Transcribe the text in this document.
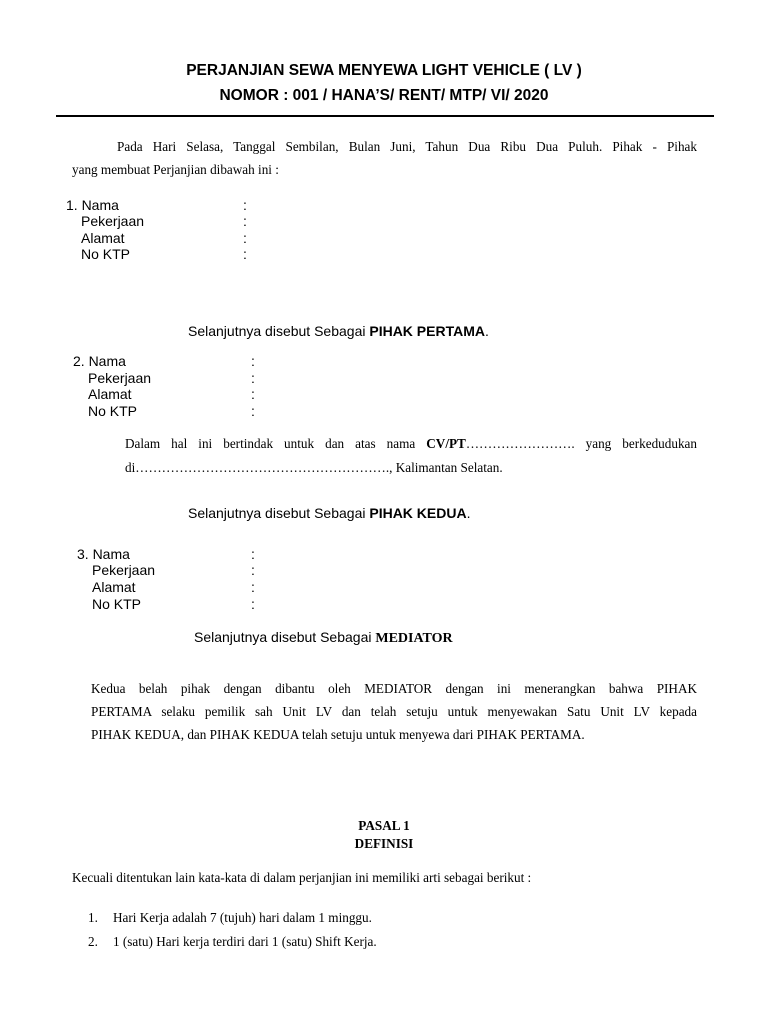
PERJANJIAN SEWA MENYEWA LIGHT VEHICLE ( LV )
NOMOR : 001 / HANA’S/ RENT/ MTP/ VI/ 2020
Pada Hari Selasa, Tanggal Sembilan, Bulan Juni, Tahun Dua Ribu Dua Puluh. Pihak - Pihak
yang membuat Perjanjian dibawah ini :
1. Nama	:
Pekerjaan	:
Alamat	:
No KTP	:
Selanjutnya disebut Sebagai PIHAK PERTAMA.
2. Nama	:
Pekerjaan	:
Alamat	:
No KTP	:
Dalam hal ini bertindak untuk dan atas nama CV/PT……………………. yang berkedudukan
di…………………………………………………., Kalimantan Selatan.
Selanjutnya disebut Sebagai PIHAK KEDUA.
3. Nama	:
Pekerjaan	:
Alamat	:
No KTP	:
Selanjutnya disebut Sebagai MEDIATOR
Kedua belah pihak dengan dibantu oleh MEDIATOR dengan ini menerangkan bahwa PIHAK
PERTAMA selaku pemilik sah Unit LV dan telah setuju untuk menyewakan Satu Unit LV kepada
PIHAK KEDUA, dan PIHAK KEDUA telah setuju untuk menyewa dari PIHAK PERTAMA.
PASAL 1
DEFINISI
Kecuali ditentukan lain kata-kata di dalam perjanjian ini memiliki arti sebagai berikut :
1. Hari Kerja adalah 7 (tujuh) hari dalam 1 minggu.
2. 1 (satu) Hari kerja terdiri dari 1 (satu) Shift Kerja.
